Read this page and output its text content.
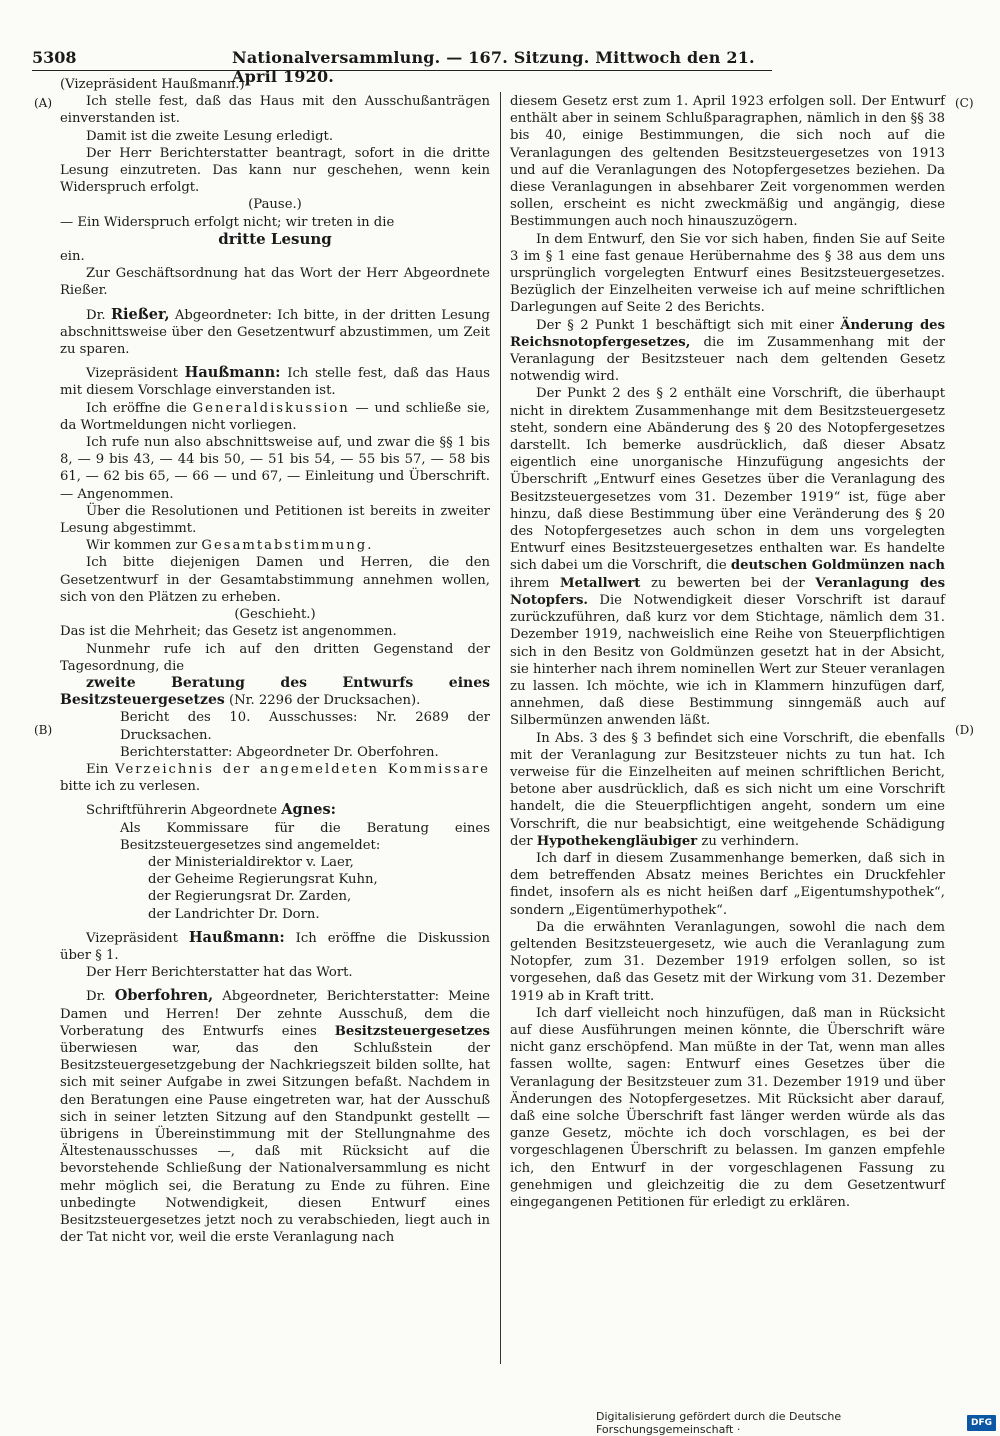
5308	Nationalversammlung. — 167. Sitzung. Mittwoch den 21. April 1920.
(A)
(B)
(C)
(D)

(Vizepräsident Haußmann.)

Ich stelle fest, daß das Haus mit den Ausschußanträgen einverstanden ist.

Damit ist die zweite Lesung erledigt.

Der Herr Berichterstatter beantragt, sofort in die dritte Lesung einzutreten. Das kann nur geschehen, wenn kein Widerspruch erfolgt.

(Pause.)

— Ein Widerspruch erfolgt nicht; wir treten in die

dritte Lesung

ein.

Zur Geschäftsordnung hat das Wort der Herr Abgeordnete Rießer.

Dr. Rießer, Abgeordneter: Ich bitte, in der dritten Lesung abschnittsweise über den Gesetzentwurf abzustimmen, um Zeit zu sparen.

Vizepräsident Haußmann: Ich stelle fest, daß das Haus mit diesem Vorschlage einverstanden ist.

Ich eröffne die Generaldiskussion — und schließe sie, da Wortmeldungen nicht vorliegen.

Ich rufe nun also abschnittsweise auf, und zwar die §§ 1 bis 8, — 9 bis 43, — 44 bis 50, — 51 bis 54, — 55 bis 57, — 58 bis 61, — 62 bis 65, — 66 — und 67, — Einleitung und Überschrift. — Angenommen.

Über die Resolutionen und Petitionen ist bereits in zweiter Lesung abgestimmt.

Wir kommen zur Gesamtabstimmung.

Ich bitte diejenigen Damen und Herren, die den Gesetzentwurf in der Gesamtabstimmung annehmen wollen, sich von den Plätzen zu erheben.

(Geschieht.)

Das ist die Mehrheit; das Gesetz ist angenommen.

Nunmehr rufe ich auf den dritten Gegenstand der Tagesordnung, die

zweite Beratung des Entwurfs eines Besitzsteuergesetzes (Nr. 2296 der Drucksachen).

Bericht des 10. Ausschusses: Nr. 2689 der Drucksachen.

Berichterstatter: Abgeordneter Dr. Oberfohren.

Ein Verzeichnis der angemeldeten Kommissare bitte ich zu verlesen.

Schriftführerin Abgeordnete Agnes:

Als Kommissare für die Beratung eines Besitzsteuergesetzes sind angemeldet:

der Ministerialdirektor v. Laer,

der Geheime Regierungsrat Kuhn,

der Regierungsrat Dr. Zarden,

der Landrichter Dr. Dorn.

Vizepräsident Haußmann: Ich eröffne die Diskussion über § 1.

Der Herr Berichterstatter hat das Wort.

Dr. Oberfohren, Abgeordneter, Berichterstatter: Meine Damen und Herren! Der zehnte Ausschuß, dem die Vorberatung des Entwurfs eines Besitzsteuergesetzes überwiesen war, das den Schlußstein der Besitzsteuergesetzgebung der Nachkriegszeit bilden sollte, hat sich mit seiner Aufgabe in zwei Sitzungen befaßt. Nachdem in den Beratungen eine Pause eingetreten war, hat der Ausschuß sich in seiner letzten Sitzung auf den Standpunkt gestellt — übrigens in Übereinstimmung mit der Stellungnahme des Ältestenausschusses —, daß mit Rücksicht auf die bevorstehende Schließung der Nationalversammlung es nicht mehr möglich sei, die Beratung zu Ende zu führen. Eine unbedingte Notwendigkeit, diesen Entwurf eines Besitzsteuergesetzes jetzt noch zu verabschieden, liegt auch in der Tat nicht vor, weil die erste Veranlagung nach

diesem Gesetz erst zum 1. April 1923 erfolgen soll. Der Entwurf enthält aber in seinem Schlußparagraphen, nämlich in den §§ 38 bis 40, einige Bestimmungen, die sich noch auf die Veranlagungen des geltenden Besitzsteuergesetzes von 1913 und auf die Veranlagungen des Notopfergesetzes beziehen. Da diese Veranlagungen in absehbarer Zeit vorgenommen werden sollen, erscheint es nicht zweckmäßig und angängig, diese Bestimmungen auch noch hinauszuzögern.

In dem Entwurf, den Sie vor sich haben, finden Sie auf Seite 3 im § 1 eine fast genaue Herübernahme des § 38 aus dem uns ursprünglich vorgelegten Entwurf eines Besitzsteuergesetzes. Bezüglich der Einzelheiten verweise ich auf meine schriftlichen Darlegungen auf Seite 2 des Berichts.

Der § 2 Punkt 1 beschäftigt sich mit einer Änderung des Reichsnotopfergesetzes, die im Zusammenhang mit der Veranlagung der Besitzsteuer nach dem geltenden Gesetz notwendig wird.

Der Punkt 2 des § 2 enthält eine Vorschrift, die überhaupt nicht in direktem Zusammenhange mit dem Besitzsteuergesetz steht, sondern eine Abänderung des § 20 des Notopfergesetzes darstellt. Ich bemerke ausdrücklich, daß dieser Absatz eigentlich eine unorganische Hinzufügung angesichts der Überschrift „Entwurf eines Gesetzes über die Veranlagung des Besitzsteuergesetzes vom 31. Dezember 1919“ ist, füge aber hinzu, daß diese Bestimmung über eine Veränderung des § 20 des Notopfergesetzes auch schon in dem uns vorgelegten Entwurf eines Besitzsteuergesetzes enthalten war. Es handelte sich dabei um die Vorschrift, die deutschen Goldmünzen nach ihrem Metallwert zu bewerten bei der Veranlagung des Notopfers. Die Notwendigkeit dieser Vorschrift ist darauf zurückzuführen, daß kurz vor dem Stichtage, nämlich dem 31. Dezember 1919, nachweislich eine Reihe von Steuerpflichtigen sich in den Besitz von Goldmünzen gesetzt hat in der Absicht, sie hinterher nach ihrem nominellen Wert zur Steuer veranlagen zu lassen. Ich möchte, wie ich in Klammern hinzufügen darf, annehmen, daß diese Bestimmung sinngemäß auch auf Silbermünzen anwenden läßt.

In Abs. 3 des § 3 befindet sich eine Vorschrift, die ebenfalls mit der Veranlagung zur Besitzsteuer nichts zu tun hat. Ich verweise für die Einzelheiten auf meinen schriftlichen Bericht, betone aber ausdrücklich, daß es sich nicht um eine Vorschrift handelt, die die Steuerpflichtigen angeht, sondern um eine Vorschrift, die nur beabsichtigt, eine weitgehende Schädigung der Hypothekengläubiger zu verhindern.

Ich darf in diesem Zusammenhange bemerken, daß sich in dem betreffenden Absatz meines Berichtes ein Druckfehler findet, insofern als es nicht heißen darf „Eigentumshypothek“, sondern „Eigentümerhypothek“.

Da die erwähnten Veranlagungen, sowohl die nach dem geltenden Besitzsteuergesetz, wie auch die Veranlagung zum Notopfer, zum 31. Dezember 1919 erfolgen sollen, so ist vorgesehen, daß das Gesetz mit der Wirkung vom 31. Dezember 1919 ab in Kraft tritt.

Ich darf vielleicht noch hinzufügen, daß man in Rücksicht auf diese Ausführungen meinen könnte, die Überschrift wäre nicht ganz erschöpfend. Man müßte in der Tat, wenn man alles fassen wollte, sagen: Entwurf eines Gesetzes über die Veranlagung der Besitzsteuer zum 31. Dezember 1919 und über Änderungen des Notopfergesetzes. Mit Rücksicht aber darauf, daß eine solche Überschrift fast länger werden würde als das ganze Gesetz, möchte ich doch vorschlagen, es bei der vorgeschlagenen Überschrift zu belassen. Im ganzen empfehle ich, den Entwurf in der vorgeschlagenen Fassung zu genehmigen und gleichzeitig die zu dem Gesetzentwurf eingegangenen Petitionen für erledigt zu erklären.

Digitalisierung gefördert durch die Deutsche Forschungsgemeinschaft ·	DFG
